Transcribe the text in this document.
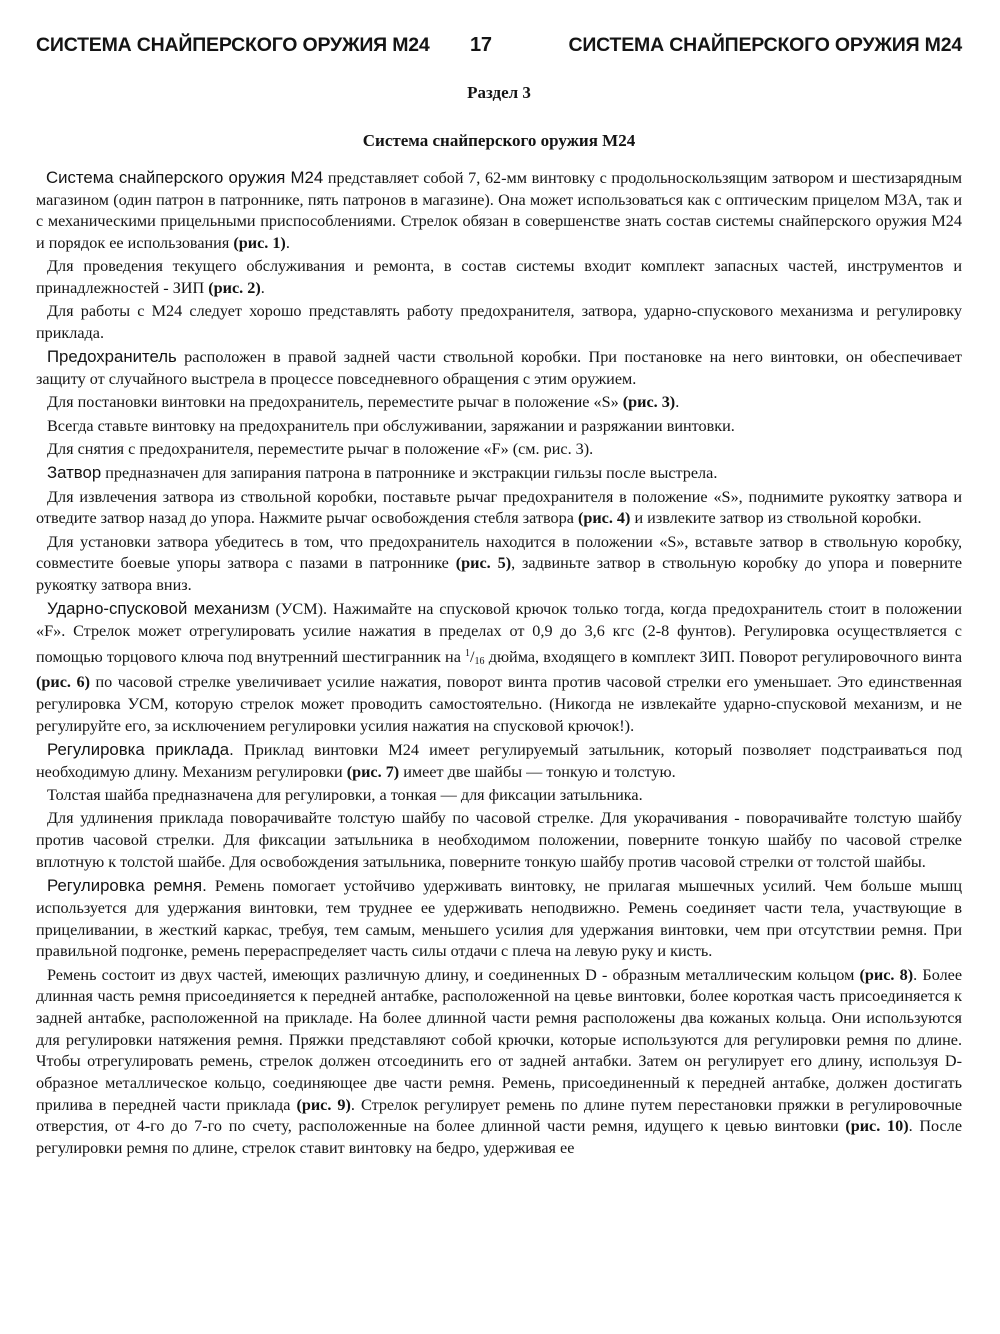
СИСТЕМА СНАЙПЕРСКОГО ОРУЖИЯ М24 17	СИСТЕМА СНАЙПЕРСКОГО ОРУЖИЯ М24
Раздел 3
Система снайперского оружия М24

Система снайперского оружия М24 представляет собой 7, 62-мм винтовку с продольноскользящим затвором и шестизарядным магазином (один патрон в патроннике, пять патронов в магазине). Она может использоваться как с оптическим прицелом М3А, так и с механическими прицельными приспособлениями. Стрелок обязан в совершенстве знать состав системы снайперского оружия М24 и порядок ее использования (рис. 1).

Для проведения текущего обслуживания и ремонта, в состав системы входит комплект запасных частей, инструментов и принадлежностей - ЗИП (рис. 2).

Для работы с М24 следует хорошо представлять работу предохранителя, затвора, ударно-спускового механизма и регулировку приклада.

Предохранитель расположен в правой задней части ствольной коробки. При постановке на него винтовки, он обеспечивает защиту от случайного выстрела в процессе повседневного обращения с этим оружием.

Для постановки винтовки на предохранитель, переместите рычаг в положение «S» (рис. 3).

Всегда ставьте винтовку на предохранитель при обслуживании, заряжании и разряжании винтовки.

Для снятия с предохранителя, переместите рычаг в положение «F» (см. рис. 3).

Затвор предназначен для запирания патрона в патроннике и экстракции гильзы после выстрела.

Для извлечения затвора из ствольной коробки, поставьте рычаг предохранителя в положение «S», поднимите рукоятку затвора и отведите затвор назад до упора. Нажмите рычаг освобождения стебля затвора (рис. 4) и извлеките затвор из ствольной коробки.

Для установки затвора убедитесь в том, что предохранитель находится в положении «S», вставьте затвор в ствольную коробку, совместите боевые упоры затвора с пазами в патроннике (рис. 5), задвиньте затвор в ствольную коробку до упора и поверните рукоятку затвора вниз.

Ударно-спусковой механизм (УСМ). Нажимайте на спусковой крючок только тогда, когда предохранитель стоит в положении «F». Стрелок может отрегулировать усилие нажатия в пределах от 0,9 до 3,6 кгс (2-8 фунтов). Регулировка осуществляется с помощью торцового ключа под внутренний шестигранник на $^1/_{16}$ дюйма, входящего в комплект ЗИП. Поворот регулировочного винта (рис. 6) по часовой стрелке увеличивает усилие нажатия, поворот винта против часовой стрелки его уменьшает. Это единственная регулировка УСМ, которую стрелок может проводить самостоятельно. (Никогда не извлекайте ударно-спусковой механизм, и не регулируйте его, за исключением регулировки усилия нажатия на спусковой крючок!).

Регулировка приклада. Приклад винтовки М24 имеет регулируемый затыльник, который позволяет подстраиваться под необходимую длину. Механизм регулировки (рис. 7) имеет две шайбы — тонкую и толстую.

Толстая шайба предназначена для регулировки, а тонкая — для фиксации затыльника.

Для удлинения приклада поворачивайте толстую шайбу по часовой стрелке. Для укорачивания - поворачивайте толстую шайбу против часовой стрелки. Для фиксации затыльника в необходимом положении, поверните тонкую шайбу по часовой стрелке вплотную к толстой шайбе. Для освобождения затыльника, поверните тонкую шайбу против часовой стрелки от толстой шайбы.

Регулировка ремня. Ремень помогает устойчиво удерживать винтовку, не прилагая мышечных усилий. Чем больше мышц используется для удержания винтовки, тем труднее ее удерживать неподвижно. Ремень соединяет части тела, участвующие в прицеливании, в жесткий каркас, требуя, тем самым, меньшего усилия для удержания винтовки, чем при отсутствии ремня. При правильной подгонке, ремень перераспределяет часть силы отдачи с плеча на левую руку и кисть.

Ремень состоит из двух частей, имеющих различную длину, и соединенных D - образным металлическим кольцом (рис. 8). Более длинная часть ремня присоединяется к передней антабке, расположенной на цевье винтовки, более короткая часть присоединяется к задней антабке, расположенной на прикладе. На более длинной части ремня расположены два кожаных кольца. Они используются для регулировки натяжения ремня. Пряжки представляют собой крючки, которые используются для регулировки ремня по длине. Чтобы отрегулировать ремень, стрелок должен отсоединить его от задней антабки. Затем он регулирует его длину, используя D-образное металлическое кольцо, соединяющее две части ремня. Ремень, присоединенный к передней антабке, должен достигать прилива в передней части приклада (рис. 9). Стрелок регулирует ремень по длине путем перестановки пряжки в регулировочные отверстия, от 4-го до 7-го по счету, расположенные на более длинной части ремня, идущего к цевью винтовки (рис. 10). После регулировки ремня по длине, стрелок ставит винтовку на бедро, удерживая ее
